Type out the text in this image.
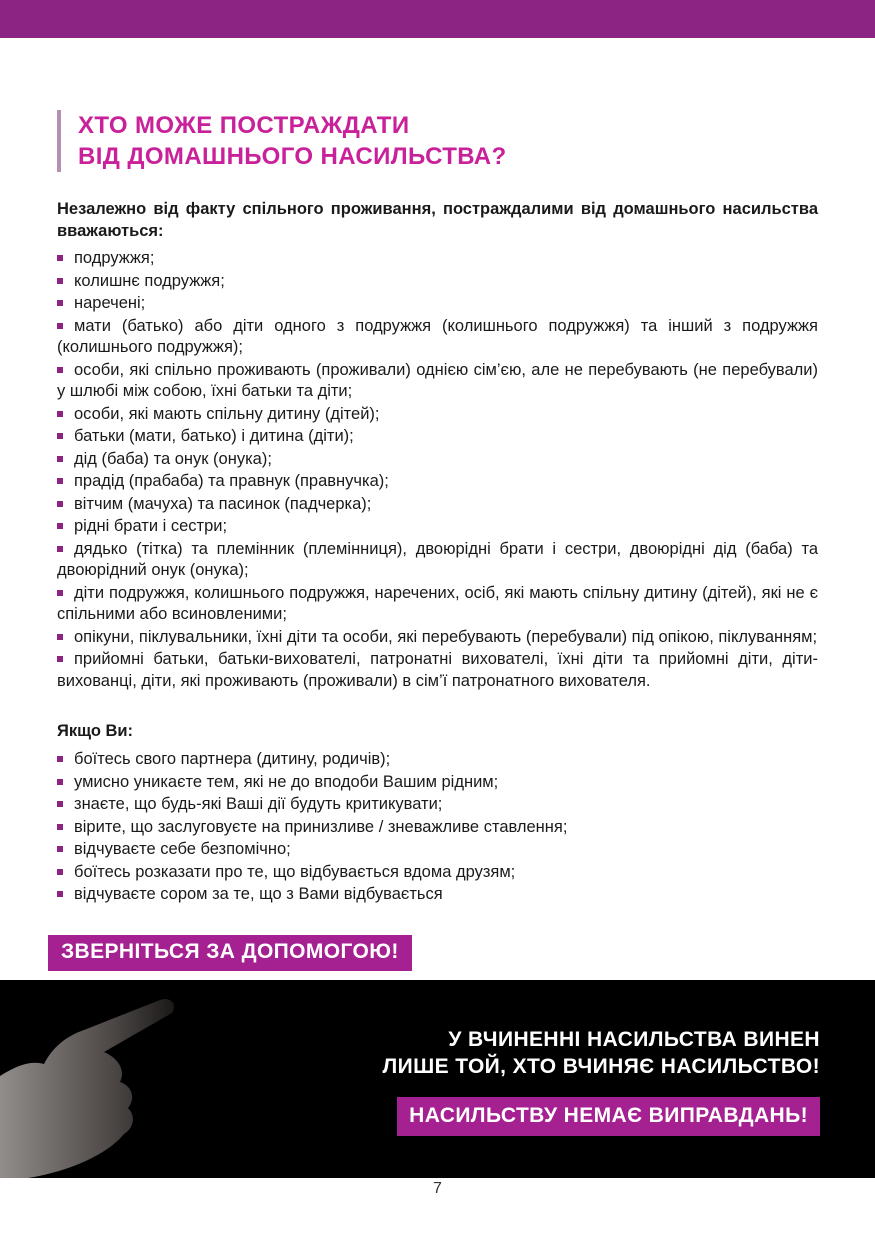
ХТО МОЖЕ ПОСТРАЖДАТИ
ВІД ДОМАШНЬОГО НАСИЛЬСТВА?

Незалежно від факту спільного проживання, постраждалими від домашнього насильства вважаються:

подружжя;
колишнє подружжя;
наречені;
мати (батько) або діти одного з подружжя (колишнього подружжя) та інший з подружжя (колишнього подружжя);
особи, які спільно проживають (проживали) однією сім’єю, але не перебувають (не перебували) у шлюбі між собою, їхні батьки та діти;
особи, які мають спільну дитину (дітей);
батьки (мати, батько) і дитина (діти);
дід (баба) та онук (онука);
прадід (прабаба) та правнук (правнучка);
вітчим (мачуха) та пасинок (падчерка);
рідні брати і сестри;
дядько (тітка) та племінник (племінниця), двоюрідні брати і сестри, двоюрідні дід (баба) та двоюрідний онук (онука);
діти подружжя, колишнього подружжя, наречених, осіб, які мають спільну дитину (дітей), які не є спільними або всиновленими;
опікуни, піклувальники, їхні діти та особи, які перебувають (перебували) під опікою, піклуванням;
прийомні батьки, батьки-вихователі, патронатні вихователі, їхні діти та прийомні діти, діти-вихованці, діти, які проживають (проживали) в сім’ї патронатного вихователя.

Якщо Ви:

боїтесь свого партнера (дитину, родичів);
умисно уникаєте тем, які не до вподоби Вашим рідним;
знаєте, що будь-які Ваші дії будуть критикувати;
вірите, що заслуговуєте на принизливе / зневажливе ставлення;
відчуваєте себе безпомічно;
боїтесь розказати про те, що відбувається вдома друзям;
відчуваєте сором за те, що з Вами відбувається
ЗВЕРНІТЬСЯ ЗА ДОПОМОГОЮ!
У ВЧИНЕННІ НАСИЛЬСТВА ВИНЕН
ЛИШЕ ТОЙ, ХТО ВЧИНЯЄ НАСИЛЬСТВО!
НАСИЛЬСТВУ НЕМАЄ ВИПРАВДАНЬ!
7
